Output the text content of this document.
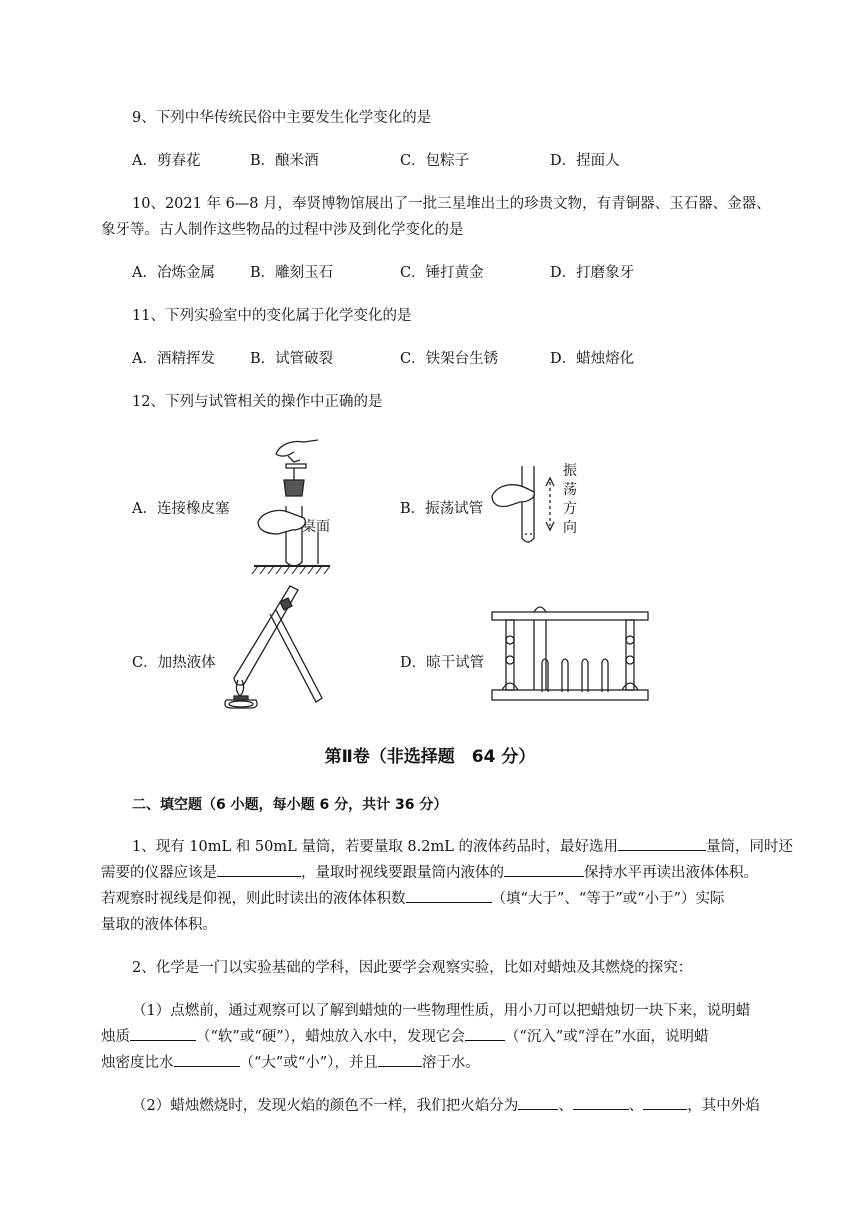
9、下列中华传统民俗中主要发生化学变化的是
A．剪春花	B．酿米酒	C．包粽子	D．捏面人
10、2021 年 6—8 月，奉贤博物馆展出了一批三星堆出土的珍贵文物，有青铜器、玉石器、金器、
象牙等。古人制作这些物品的过程中涉及到化学变化的是
A．冶炼金属 B．雕刻玉石	C．锤打黄金	D．打磨象牙
11、下列实验室中的变化属于化学变化的是
A．酒精挥发 B．试管破裂	C．铁架台生锈	D．蜡烛熔化
12、下列与试管相关的操作中正确的是
A．连接橡皮塞	B．振荡试管
C．加热液体	D．晾干试管
桌面
振
荡
方
向
第Ⅱ卷（非选择题　64 分）
二、填空题（6 小题，每小题 6 分，共计 36 分）
1、现有 10mL 和 50mL 量筒，若要量取 8.2mL 的液体药品时，最好选用	量筒，同时还
需要的仪器应该是	，量取时视线要跟量筒内液体的	保持水平再读出液体体积。
若观察时视线是仰视，则此时读出的液体体积数	（填“大于”、“等于”或“小于”）实际
量取的液体体积。
2、化学是一门以实验基础的学科，因此要学会观察实验，比如对蜡烛及其燃烧的探究：
（1）点燃前，通过观察可以了解到蜡烛的一些物理性质，用小刀可以把蜡烛切一块下来，说明蜡
烛质	（“软”或“硬”），蜡烛放入水中，发现它会	（“沉入”或“浮在”水面，说明蜡
烛密度比水	（“大”或“小”），并且	溶于水。
（2）蜡烛燃烧时，发现火焰的颜色不一样，我们把火焰分为	、	、	，其中外焰
